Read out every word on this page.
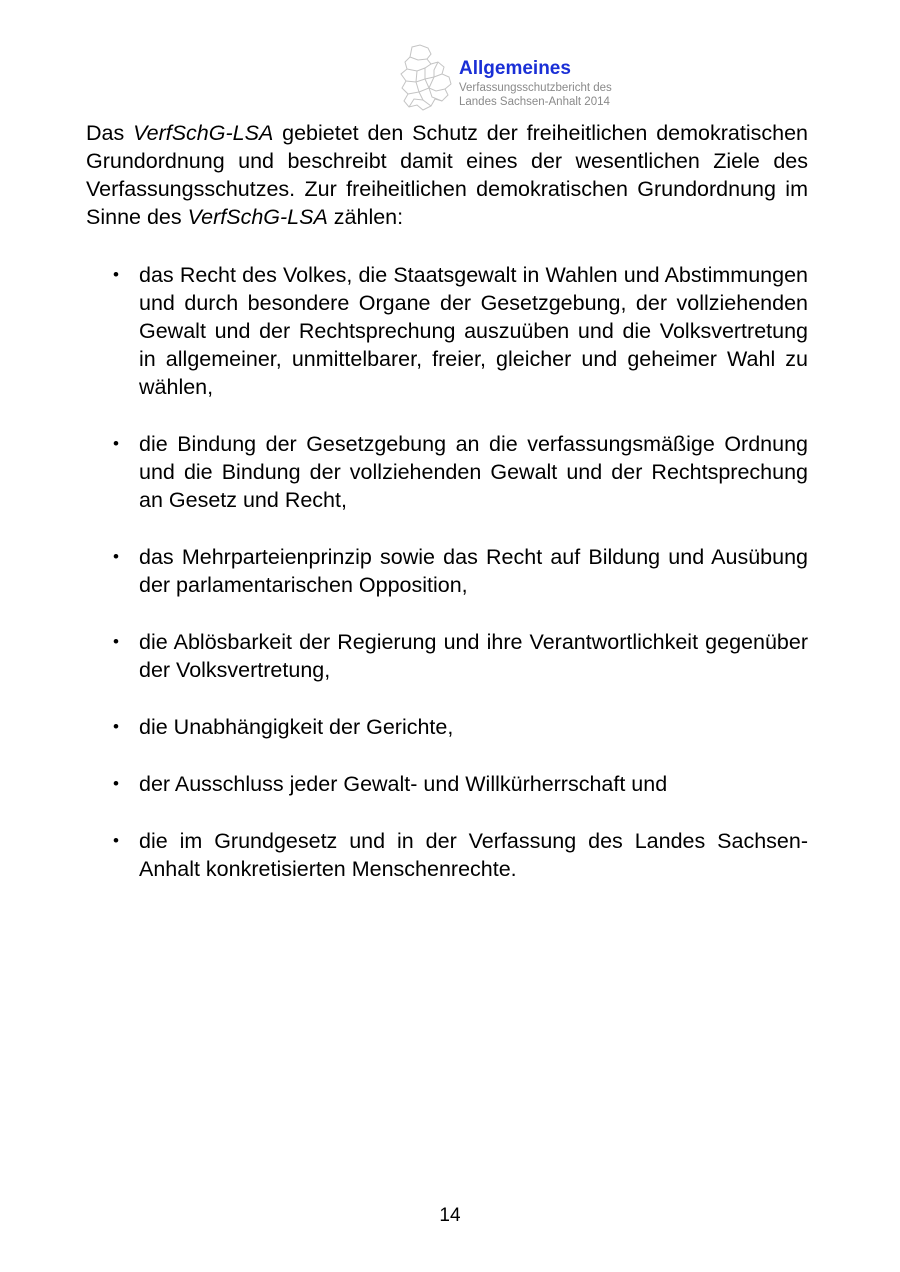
Allgemeines
Verfassungsschutzbericht des
Landes Sachsen-Anhalt 2014

Das VerfSchG-LSA gebietet den Schutz der freiheitlichen demokratischen Grundordnung und beschreibt damit eines der wesentlichen Ziele des Verfassungsschutzes. Zur freiheitlichen demokratischen Grundordnung im Sinne des VerfSchG-LSA zählen:

• das Recht des Volkes, die Staatsgewalt in Wahlen und Abstimmungen und durch besondere Organe der Gesetzgebung, der vollziehenden Gewalt und der Rechtsprechung auszuüben und die Volksvertretung in allgemeiner, unmittelbarer, freier, gleicher und geheimer Wahl zu wählen,
• die Bindung der Gesetzgebung an die verfassungsmäßige Ordnung und die Bindung der vollziehenden Gewalt und der Rechtsprechung an Gesetz und Recht,
• das Mehrparteienprinzip sowie das Recht auf Bildung und Ausübung der parlamentarischen Opposition,
• die Ablösbarkeit der Regierung und ihre Verantwortlichkeit gegenüber der Volksvertretung,
• die Unabhängigkeit der Gerichte,
• der Ausschluss jeder Gewalt- und Willkürherrschaft und
• die im Grundgesetz und in der Verfassung des Landes Sachsen-Anhalt konkretisierten Menschenrechte.
14
